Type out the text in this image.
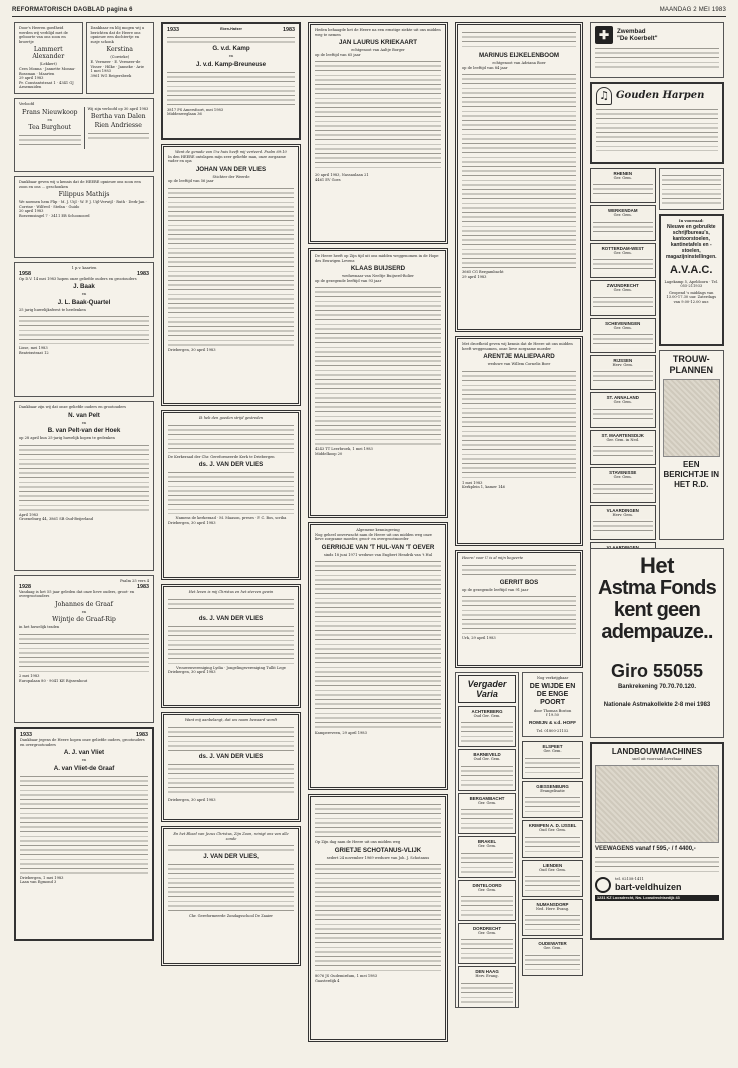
REFORMATORISCH DAGBLAD pagina 6	MAANDAG 2 MEI 1983
Door's Heeren goedheid werden wij verblijd met de geboorte van ons zoon en broertje
Lammert Alexander
(Lekkert)
Cees Monna · Jannette Monna-Bossman · Maarten
29 april 1983
Pr. Constantstraat 1 · 4341 GJ Arnemuiden
Dankbaar en blij mogen wij u berichten dat de Heere ons opnieuw een dochtertje en zusje schonk
Kerstina
(Corrieke)
E. Vermeer · E. Vermeer-de Visser · Hilke · Janneke · Arie
1 mei 1983
3961 WG Reigersbeek
Verloofd
Frans Nieuwkoop
en
Tea Burghout
Wij zijn verloofd op 30 april 1983
Bertha van Dalen
Rien Andriesse
Dankbaar geven wij u kennis dat de HEERE opnieuw ons zoon een zoon en ons ... geschonken
Filippus Mathijs
We noemen hem Flip · M. J. Uijl · W. P. J. Uijl-Verwijl · Ruth · Derk-Jan · Corrine · Wilfred · Stefan · Guido
20 april 1983
Boezemsingel 7 · 3411 EB Schoonoord
1 p.v. kaarten
1958	1983
Op D.V. 14 mei 1983 hopen onze geliefde ouders en grootouders
J. Baak
en
J. L. Baak-Quartel
25 jarig huwelijksfeest te herdenken
Lisse, mei 1983
Beatrixstraat 12
Dankbaar zijn wij dat onze geliefde ouders en grootouders
N. van Pelt
en
B. van Pelt-van der Hoek
op 28 april hun 25-jarig huwelijk hopen te gedenken
April 1983
Groeneburg 44, 3861 SB Oud-Beijerland
Psalm 25 vers 4
1928	1983
Vandaag is het 55 jaar geleden dat onze lieve ouders, groot- en overgrootouders
Johannes de Graaf
en
Wijntje de Graaf-Rip
in het huwelijk traden
2 mei 1983
Europalaan 80 · 9041 KE Rijssenhout
1933	1983
Dankbaar jegens de Heere hopen onze geliefde ouders, grootouders en overgrootouders
A. J. van Vliet
en
A. van Vliet-de Graaf
Driebergen, 1 mei 1983
Laan van Egmond 3
1933	Eben-Haëzer	1983
G. v.d. Kamp
en
J. v.d. Kamp-Breuneuse
3817 PS Amersfoort, mei 1983
Middenweglaan 36
Want de genade van Uw huis heeft mij verteerd. Psalm 69:10
In den HEERE ontslapen mijn zeer geliefde man, onze zorgzame vader en opa
JOHAN VAN DER VLIES
Stichter der Weerde
op de leeftijd van 56 jaar
Driebergen, 30 april 1983
Ik heb den goeden strijd gestreden
De Kerkeraad der Chr. Gereformeerde Kerk te Driebergen
ds. J. VAN DER VLIES
Namens de kerkeraad · M. Maason, preses · F. C. Bos, scriba
Driebergen, 30 april 1983
Het leven is mij Christus en het sterven gewin
ds. J. VAN DER VLIES
Vrouwenvereniging Lydia · Jongelingsvereniging Tullit Lege
Driebergen, 30 april 1983
Want mij aanbelangt, dat uw naam bewaard wordt
ds. J. VAN DER VLIES
Driebergen, 30 april 1983
En het Bloed van Jezus Christus, Zijn Zoon, reinigt ons van alle zonde
J. VAN DER VLIES,
Chr. Gereformeerde Zondagsschool De Zaaier
Heden behaagde het de Heere na een ernstige ziekte uit ons midden weg te nemen
JAN LAURUS KRIEKAART
echtgenoot van Aaltje Borger
op de leeftijd van 65 jaar
20 april 1983, Nassaulaan 21
4461 EV Goes
De Heere heeft op Zijn tijd uit ons midden weggenomen in de Hope des Eeuwigen Levens
KLAAS BUIJSERD
weduwnaar van Neeltje Buijserd-Bolier
op de gezegende leeftijd van 93 jaar
4243 TT Leerbroek, 1 mei 1983
Middelkoop 20
Algemene kennisgeving
Nog geheel onverwacht nam de Heere uit ons midden weg onze lieve zorgzame moeder, groot- en overgrootmoeder
GERRIGJE VAN 'T HUL-VAN 'T OEVER
sinds 18 juni 1971 weduwe van Engbert Hendrik van 't Hul
Kampereveen, 29 april 1983
Op Zijn dag nam de Heere uit ons midden weg
GRIETJE SCHOTANUS-VLIJK
sedert 24 november 1969 weduwe van Joh. J. Schotanus
8076 JS Oudemirdum, 1 mei 1983
Gaasterdijk 4
MARINUS EIJKELENBOOM
echtgenoot van Adriana Boer
op de leeftijd van 84 jaar
3665 CG Bergambacht
29 april 1983
Met droefheid geven wij kennis dat de Heere uit ons midden heeft weggenomen, onze lieve zorgzame moeder
ARENTJE MALIEPAARD
weduwe van Willem Cornelis Boer
1 mei 1983
Kerkplein 1, kamer 146
Heere! voor U is al mijn begeerte
GERRIT BOS
op de gezegende leeftijd van 91 jaar
Urk, 29 april 1983
Vergader Varia
ACHTERBERG
Oud Ger. Gem.
BARNEVELD
Oud Ger. Gem.
BERGAMBACHT
Ger. Gem.
BRAKEL
Ger. Gem.
DINTELOORD
Ger. Gem.
DORDRECHT
Ger. Gem.
DEN HAAG
Herv. Evang.
Nog verkrijgbaar
DE WIJDE EN DE ENGE POORT
door Thomas Boston
f 19.50
ROMIJN & v.d. HOFF
Tel. 01800-21152
ELSPEET
Ger. Gem.
GIESSENBURG
Evangelisatie
KRIMPEN A. D. IJSSEL
Oud Ger. Gem.
LIENDEN
Oud Ger. Gem.
NUMANSDORP
Ned. Herv. Evang.
OUDEWATER
Ger. Gem.
✚	Zwembad
"De Koerbelt"
♫ Gouden Harpen
RHENEN
Ger. Gem.
WERKENDAM
Ger. Gem.
ROTTERDAM-WEST
Ger. Gem.
ZWIJNDRECHT
Ger. Gem.
SCHEVENINGEN
Ger. Gem.
RIJSSEN
Herv. Gem.
ST. ANNALAND
Ger. Gem.
ST. MAARTENSDIJK
Ger. Gem. in Ned.
STAVENISSE
Ger. Gem.
VLAARDINGEN
Herv. Gem.
In voorraad:
Nieuwe en gebruikte schrijfbureau's, kantoorstoelen, kantinetafels en -stoelen, magazijninstellingen.
A.V.A.C.
Lagekamp 5, Apeldoorn · Tel. 055-211933
Geopend 's middags van 13.00-17.30 uur. Zaterdags van 9.00-12.00 uur.
TROUW-PLANNEN
EEN BERICHTJE IN HET R.D.
Het
Astma Fonds
kent geen
adempauze..
Giro 55055
Bankrekening 70.70.70.120.
Nationale Astmakollekte 2-8 mei 1983
LANDBOUWMACHINES
snel uit voorraad leverbaar
VEEWAGENS vanaf f 595,- / f 4400,-
tel. 02158-1411
bart-veldhuizen
1231 KZ Loosdrecht, Nw. Loosdrechtsedijk 43
